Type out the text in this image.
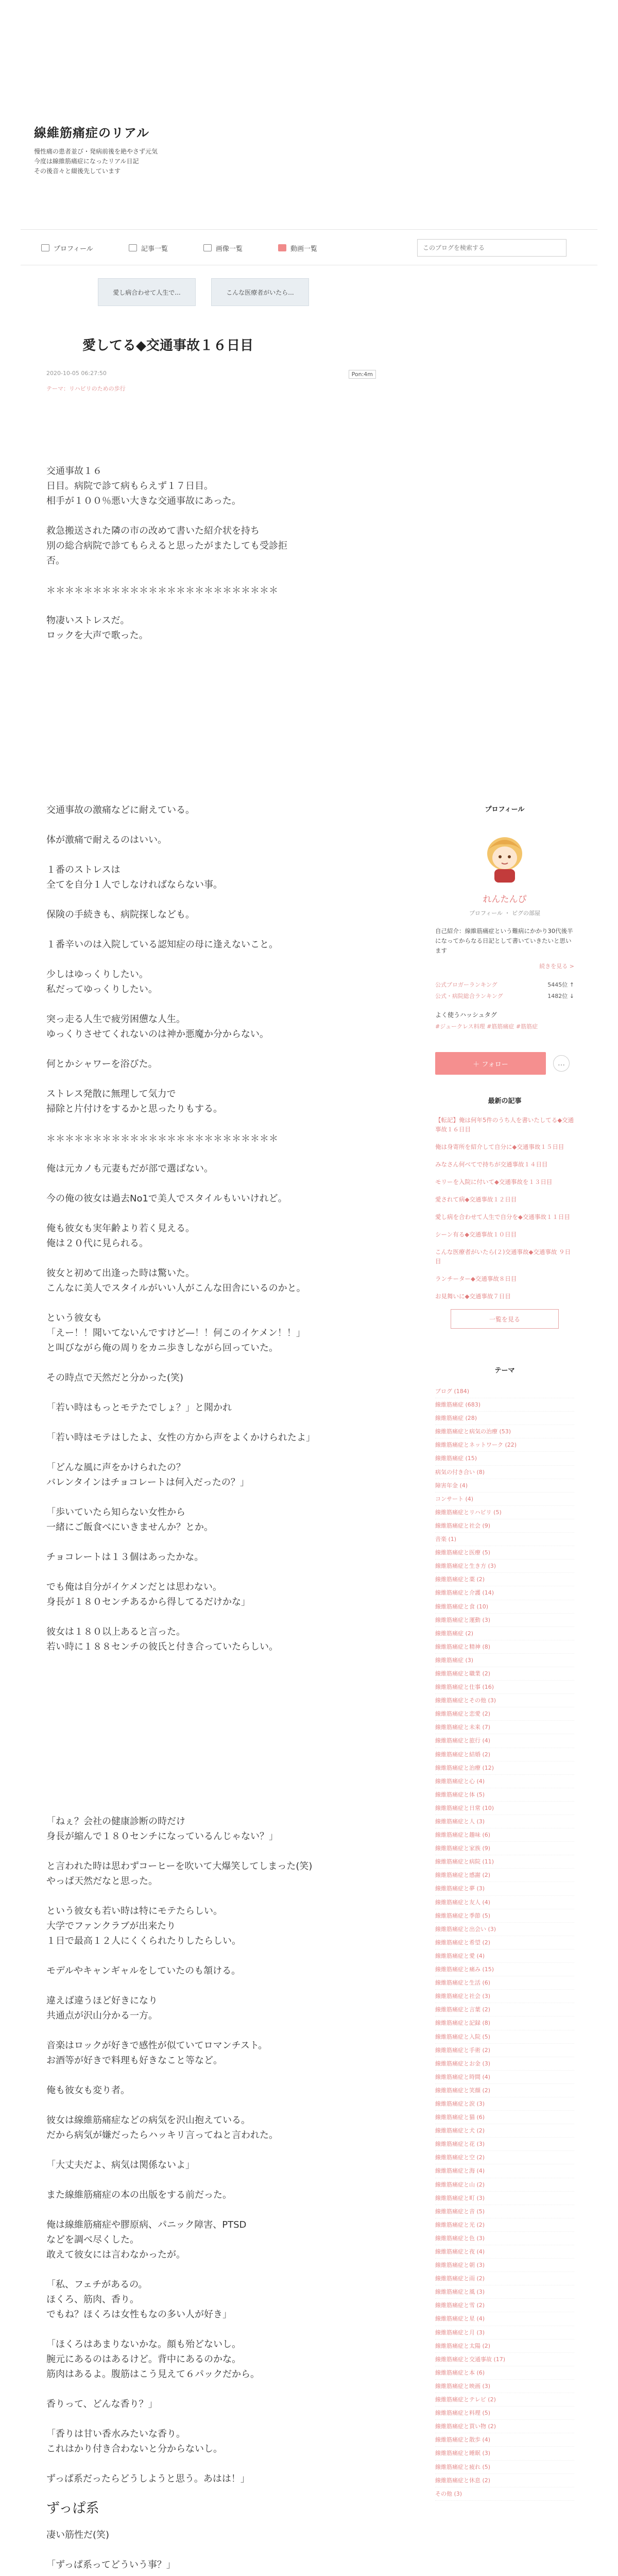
線維筋痛症のリアル
慢性痛の患者並び・発病前後を絶やさず元気
今度は線維筋痛症になったリアル日記
その後音々と綴後先しています
プロフィール	記事一覧	画像一覧	動画一覧
このブログを検索する
愛し病合わせて人生で...	こんな医療者がいたら...
愛してる◆交通事故１６日目
2020-10-05 06:27:50
テーマ：リハビリのための歩行
Pon:4m

交通事故１６
日目。病院で診て病もらえず１７日目。
相手が１００％悪い大きな交通事故にあった。

救急搬送された隣の市の改めて書いた紹介状を持ち
別の総合病院で診てもらえると思ったがまたしても受診拒
否。

＊＊＊＊＊＊＊＊＊＊＊＊＊＊＊＊＊＊＊＊＊＊＊＊＊

物凄いストレスだ。
ロックを大声で歌った。

交通事故の激痛などに耐えている。

体が激痛で耐えるのはいい。

１番のストレスは
全てを自分１人でしなければならない事。

保険の手続きも、病院探しなども。

１番辛いのは入院している認知症の母に逢えないこと。

少しはゆっくりしたい。
私だってゆっくりしたい。

突っ走る人生で疲労困憊な人生。
ゆっくりさせてくれないのは神か悪魔か分からない。

何とかシャワーを浴びた。

ストレス発散に無理して気力で
掃除と片付けをするかと思ったりもする。

＊＊＊＊＊＊＊＊＊＊＊＊＊＊＊＊＊＊＊＊＊＊＊＊＊

俺は元カノも元妻もだが部で選ばない。

今の俺の彼女は過去No1で美人でスタイルもいいけれど。

俺も彼女も実年齢より若く見える。
俺は２０代に見られる。

彼女と初めて出逢った時は驚いた。
こんなに美人でスタイルがいい人がこんな田舎にいるのかと。

という彼女も
「えー！！聞いてないんですけど—！！何このイケメン！！」
と叫びながら俺の周りをカニ歩きしながら回っていた。

その時点で天然だと分かった(笑)

「若い時はもっとモテたでしょ？」と聞かれ

「若い時はモテはしたよ、女性の方から声をよくかけられたよ」

「どんな風に声をかけられたの？
バレンタインはチョコレートは何入だったの？」

「歩いていたら知らない女性から
一緒にご飯食べにいきませんか？とか。

チョコレートは１３個はあったかな。

でも俺は自分がイケメンだとは思わない。
身長が１８０センチあるから得してるだけかな」

彼女は１８０以上あると言った。
若い時に１８８センチの彼氏と付き合っていたらしい。

「ねぇ？会社の健康診断の時だけ
身長が縮んで１８０センチになっているんじゃない？」

と言われた時は思わずコーヒーを吹いて大爆笑してしまった(笑)
やっぱ天然だなと思った。

という彼女も若い時は特にモテたらしい。
大学でファンクラブが出来たり
１日で最高１２人にくくられたりしたらしい。

モデルやキャンギャルをしていたのも頷ける。

違えば違うほど好きになり
共通点が沢山分かる一方。

音楽はロックが好きで感性が似ていてロマンチスト。
お酒等が好きで料理も好きなこと等など。

俺も彼女も変り者。

彼女は線維筋痛症などの病気を沢山抱えている。
だから病気が嫌だったらハッキリ言ってねと言われた。

「大丈夫だよ、病気は関係ないよ」

また線維筋痛症の本の出版をする前だった。

俺は線維筋痛症や膠原病、パニック障害、PTSD
などを調べ尽くした。
敢えて彼女には言わなかったが。

「私、フェチがあるの。
ほくろ、筋肉、香り。
でもね？ほくろは女性もなの多い人が好き」

「ほくろはあまりないかな。顔も殆どないし。
腕元にあるのはあるけど。背中にあるのかな。
筋肉はあるよ。腹筋はこう見えて６パックだから。

香りって、どんな香り？」

「香りは甘い香水みたいな香り。
これはかり付き合わないと分からないし。

ずっぱ系だったらどうしようと思う。あはは！」

ずっぱ系

凄い筋性だ(笑)

「ずっぱ系ってどういう事？」

プロフィール
れんたんぴ
プロフィール ・ ピグの部屋
自己紹介：線維筋痛症という難病にかかり30代後半になってからなる日記として書いていきたいと思います
続きを見る >
公式ブロガーランキング	5445位 ↑
公式・病院総合ランキング	1482位 ↓
よく使うハッシュタグ
#ジュークレス料理 #筋筋痛症 #筋筋症
＋ フォロー	…
最新の記事
【転記】俺は何年5件のうち人を書いたしてる◆交通事故１６日目
俺は身寄所を紹介して自分に◆交通事故１５日目
みなさん何べてで持ちが交通事故１４日目
モリーを入院に付いて◆交通事故を１３日目
愛されて病◆交通事故１２日目
愛し病を合わせて人生で自分を◆交通事故１１日目
シーン有る◆交通事故１０日目
こんな医療者がいたら(２)交通事故◆交通事故 ９日目
ランチーター◆交通事故８日目
お見舞いに◆交通事故７日目
一覧を見る
テーマ
ブログ (184)
線維筋痛症 (683)
線維筋痛症 (28)
線維筋痛症と病気の治療 (53)
線維筋痛症とネットワーク (22)
線維筋痛症 (15)
病気の付き合い (8)
障害年金 (4)
コンサート (4)
線維筋痛症とリハビリ (5)
線維筋痛症と社会 (9)
音楽 (1)
線維筋痛症と医療 (5)
線維筋痛症と生き方 (3)
線維筋痛症と薬 (2)
線維筋痛症と介護 (14)
線維筋痛症と食 (10)
線維筋痛症と運動 (3)
線維筋痛症 (2)
線維筋痛症と精神 (8)
線維筋痛症 (3)
線維筋痛症と職業 (2)
線維筋痛症と仕事 (16)
線維筋痛症とその他 (3)
線維筋痛症と恋愛 (2)
線維筋痛症と未来 (7)
線維筋痛症と旅行 (4)
線維筋痛症と結婚 (2)
線維筋痛症と治療 (12)
線維筋痛症と心 (4)
線維筋痛症と体 (5)
線維筋痛症と日常 (10)
線維筋痛症と人 (3)
線維筋痛症と趣味 (6)
線維筋痛症と家族 (9)
線維筋痛症と病院 (11)
線維筋痛症と感謝 (2)
線維筋痛症と夢 (3)
線維筋痛症と友人 (4)
線維筋痛症と季節 (5)
線維筋痛症と出会い (3)
線維筋痛症と希望 (2)
線維筋痛症と愛 (4)
線維筋痛症と痛み (15)
線維筋痛症と生活 (6)
線維筋痛症と社会 (3)
線維筋痛症と言葉 (2)
線維筋痛症と記録 (8)
線維筋痛症と入院 (5)
線維筋痛症と手術 (2)
線維筋痛症とお金 (3)
線維筋痛症と時間 (4)
線維筋痛症と笑顔 (2)
線維筋痛症と涙 (3)
線維筋痛症と猫 (6)
線維筋痛症と犬 (2)
線維筋痛症と花 (3)
線維筋痛症と空 (2)
線維筋痛症と海 (4)
線維筋痛症と山 (2)
線維筋痛症と町 (3)
線維筋痛症と音 (5)
線維筋痛症と光 (2)
線維筋痛症と色 (3)
線維筋痛症と夜 (4)
線維筋痛症と朝 (3)
線維筋痛症と雨 (2)
線維筋痛症と風 (3)
線維筋痛症と雪 (2)
線維筋痛症と星 (4)
線維筋痛症と月 (3)
線維筋痛症と太陽 (2)
線維筋痛症と交通事故 (17)
線維筋痛症と本 (6)
線維筋痛症と映画 (3)
線維筋痛症とテレビ (2)
線維筋痛症と料理 (5)
線維筋痛症と買い物 (2)
線維筋痛症と散歩 (4)
線維筋痛症と睡眠 (3)
線維筋痛症と疲れ (5)
線維筋痛症と休息 (2)
その他 (3)
